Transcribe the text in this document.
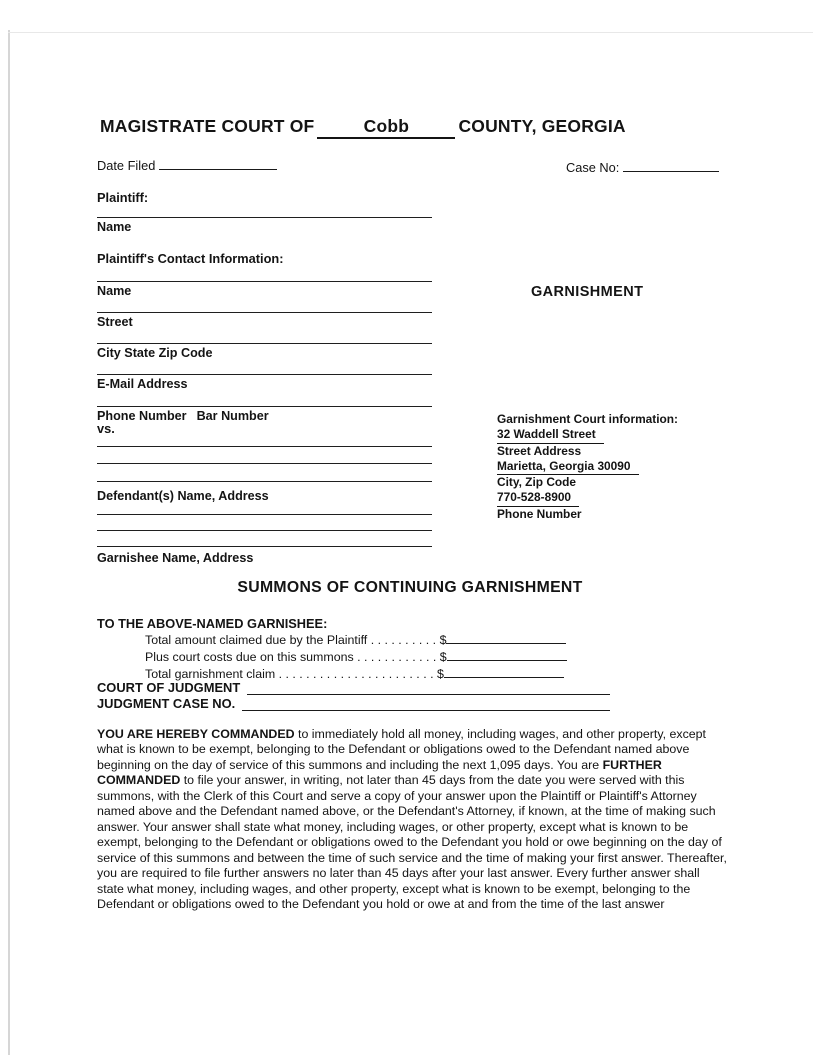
MAGISTRATE COURT OF	Cobb	COUNTY, GEORGIA
Date Filed	Case No:
Plaintiff:
Name
Plaintiff's Contact Information:
Name
Street
City State Zip Code
E-Mail Address
Phone Number Bar Number
vs.
Defendant(s) Name, Address
Garnishee Name, Address
GARNISHMENT
Garnishment Court information:
32 Waddell Street
Street Address
Marietta, Georgia 30090
City, Zip Code
770-528-8900
Phone Number
SUMMONS OF CONTINUING GARNISHMENT
TO THE ABOVE-NAMED GARNISHEE:
Total amount claimed due by the Plaintiff . . . . . . . . . . $
Plus court costs due on this summons . . . . . . . . . . . . $
Total garnishment claim . . . . . . . . . . . . . . . . . . . . . . . $
COURT OF JUDGMENT
JUDGMENT CASE NO.
YOU ARE HEREBY COMMANDED to immediately hold all money, including wages, and other property, except what is known to be exempt, belonging to the Defendant or obligations owed to the Defendant named above beginning on the day of service of this summons and including the next 1,095 days. You are FURTHER COMMANDED to file your answer, in writing, not later than 45 days from the date you were served with this summons, with the Clerk of this Court and serve a copy of your answer upon the Plaintiff or Plaintiff's Attorney named above and the Defendant named above, or the Defendant's Attorney, if known, at the time of making such answer. Your answer shall state what money, including wages, or other property, except what is known to be exempt, belonging to the Defendant or obligations owed to the Defendant you hold or owe beginning on the day of service of this summons and between the time of such service and the time of making your first answer. Thereafter, you are required to file further answers no later than 45 days after your last answer. Every further answer shall state what money, including wages, and other property, except what is known to be exempt, belonging to the Defendant or obligations owed to the Defendant you hold or owe at and from the time of the last answer
